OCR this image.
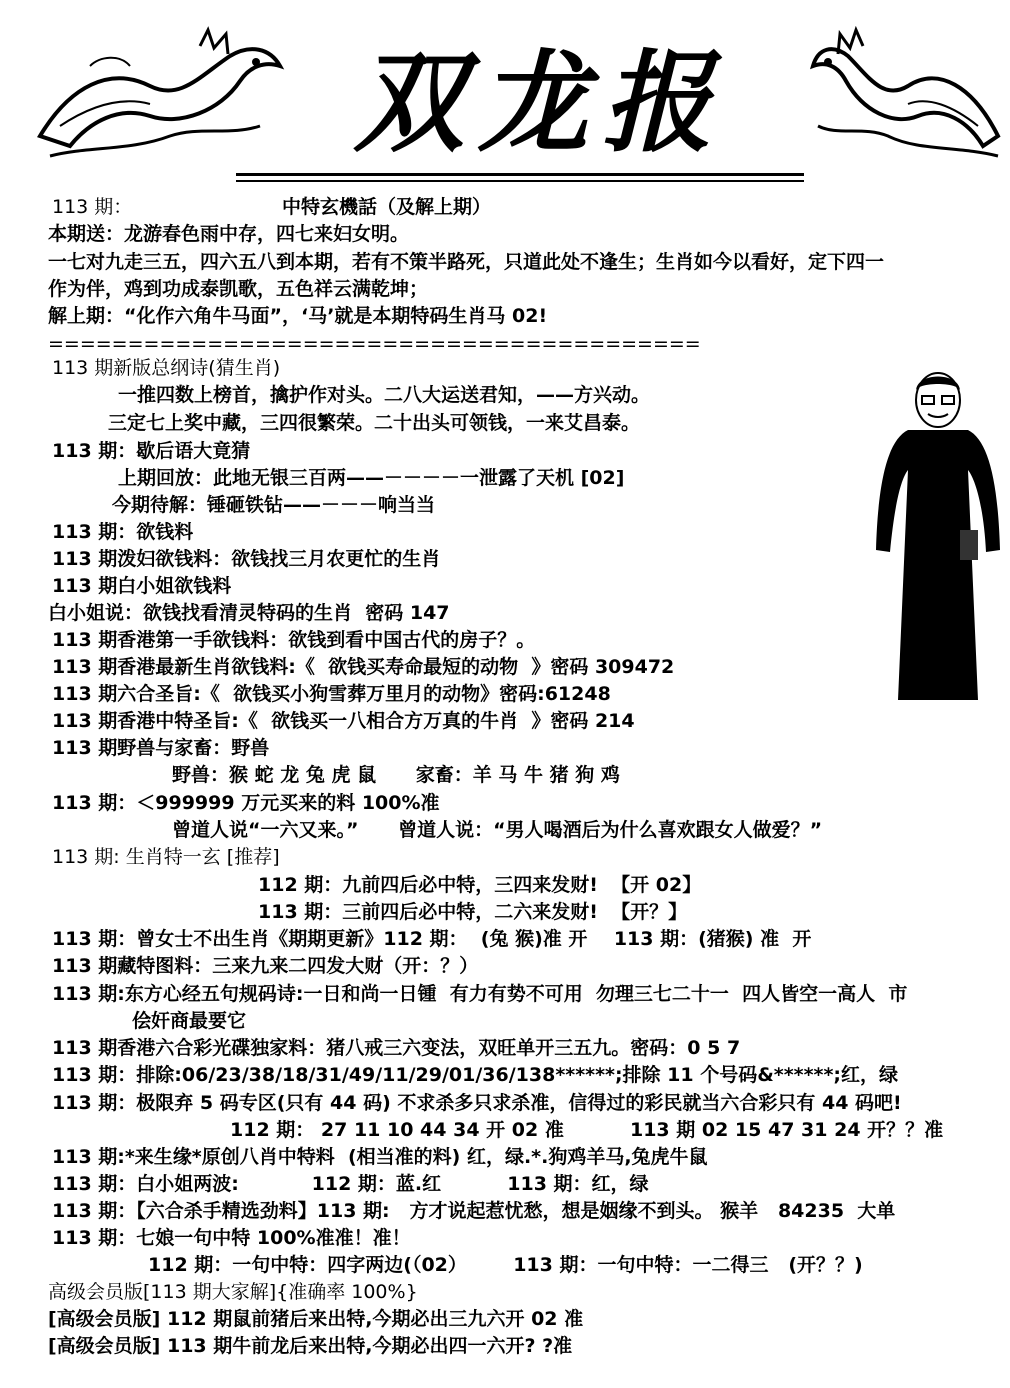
双龙报
113 期：	中特玄機話（及解上期）
本期送：龙游春色雨中存，四七来妇女明。
一七对九走三五，四六五八到本期，若有不策半路死，只道此处不逢生；生肖如今以看好，定下四一
作为伴，鸡到功成泰凯歌，五色祥云满乾坤；
解上期：“化作六角牛马面”，‘马’就是本期特码生肖马 02!
=========================================
113 期新版总纲诗(猜生肖)
一推四数上榜首，擒护作对头。二八大运送君知，——方兴动。
三定七上奖中藏，三四很繁荣。二十出头可领钱，一来艾昌泰。
113 期：歇后语大竟猜
上期回放：此地无银三百两——－－－－一泄露了天机 [02]
今期待解：锤砸铁钻——－－－响当当
113 期：欲钱料
113 期泼妇欲钱料：欲钱找三月农更忙的生肖
113 期白小姐欲钱料
白小姐说：欲钱找看清灵特码的生肖  密码 147
113 期香港第一手欲钱料：欲钱到看中国古代的房子？。
113 期香港最新生肖欲钱料:《  欲钱买寿命最短的动物  》密码 309472
113 期六合圣旨:《  欲钱买小狗雪葬万里月的动物》密码:61248
113 期香港中特圣旨:《  欲钱买一八相合方万真的牛肖  》密码 214
113 期野兽与家畜：野兽
野兽：猴 蛇 龙 兔 虎 鼠      家畜：羊 马 牛 猪 狗 鸡
113 期：＜999999 万元买来的料 100%准
曾道人说“一六又来。”      曾道人说：“男人喝酒后为什么喜欢跟女人做爱？”
113 期: 生肖特一玄 [推荐]
112 期：九前四后必中特，三四来发财!  【开 02】
113 期：三前四后必中特，二六来发财!  【开？】
113 期：曾女士不出生肖《期期更新》112 期：  (兔 猴)准 开    113 期：(猪猴) 准  开
113 期藏特图料：三来九来二四发大财（开：？）
113 期:东方心经五句规码诗:一日和尚一日锺  有力有势不可用  勿理三七二十一  四人皆空一高人  市
侩奸商最要它
113 期香港六合彩光碟独家料：猪八戒三六变法，双旺单开三五九。密码：0 5 7
113 期：排除:06/23/38/18/31/49/11/29/01/36/138******;排除 11 个号码&******;红，绿
113 期：极限弃 5 码专区(只有 44 码) 不求杀多只求杀准，信得过的彩民就当六合彩只有 44 码吧!
112 期： 27 11 10 44 34 开 02 准          113 期 02 15 47 31 24 开？？准
113 期:*来生缘*原创八肖中特料  (相当准的料) 红，绿.*.狗鸡羊马,兔虎牛鼠
113 期：白小姐两波:           112 期：蓝.红          113 期：红，绿
113 期：【六合杀手精选劲料】113 期:   方才说起惹忧愁，想是姻缘不到头。 猴羊   84235  大单
113 期：七娘一句中特 100%准准！准！
112 期：一句中特：四字两边(（02）       113 期：一句中特：一二得三   (开？？)
高级会员版[113 期大家解]{准确率 100%}
[高级会员版] 112 期鼠前猪后来出特,今期必出三九六开 02 准
[高级会员版] 113 期牛前龙后来出特,今期必出四一六开? ?准
